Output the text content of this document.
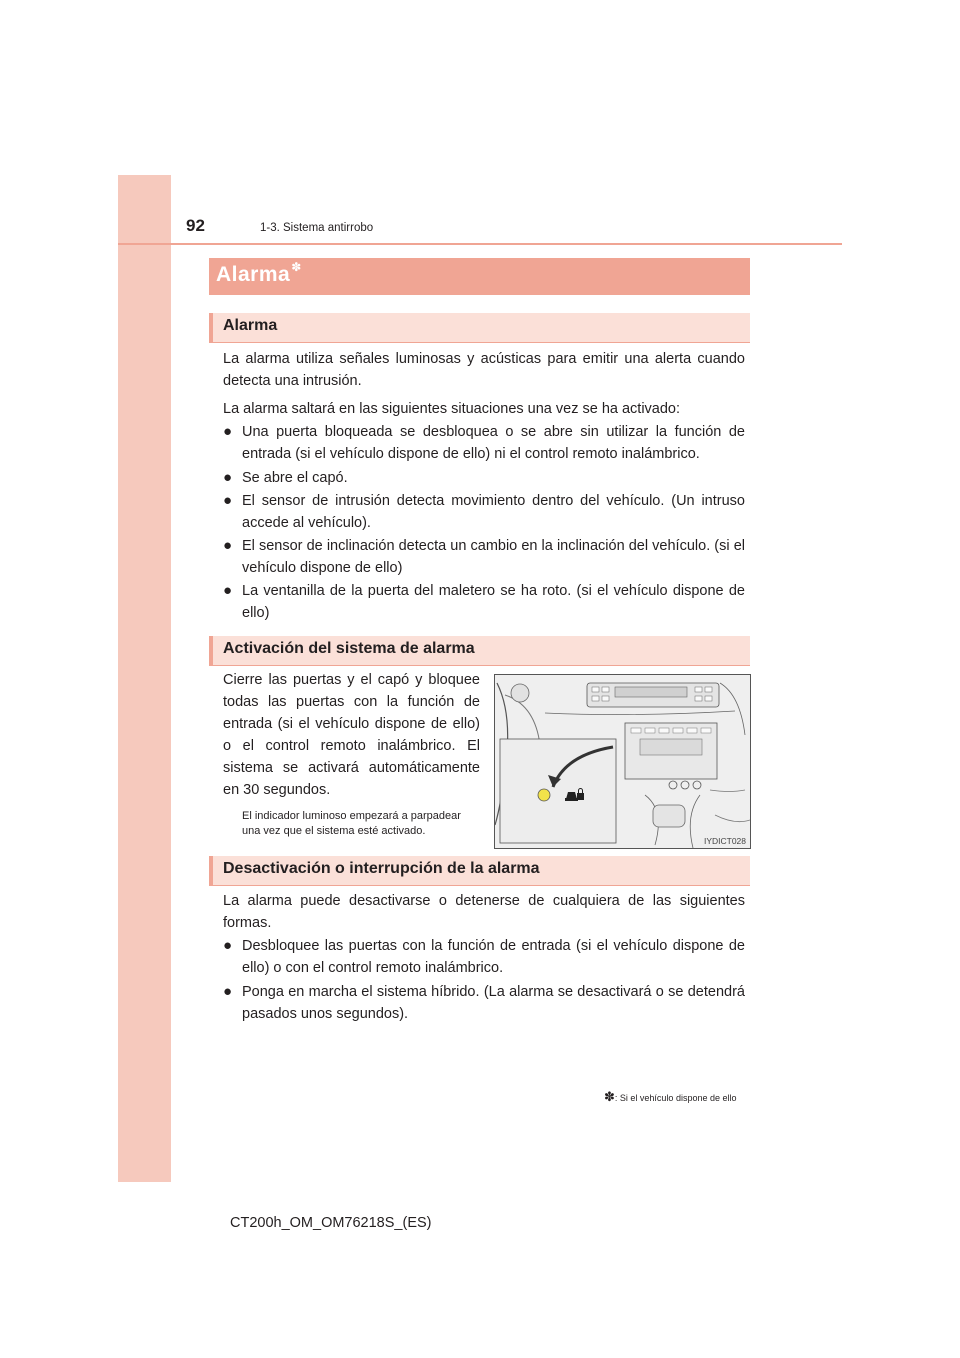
92	1-3. Sistema antirrobo
Alarma✽
Alarma
La alarma utiliza señales luminosas y acústicas para emitir una alerta cuando detecta una intrusión.
La alarma saltará en las siguientes situaciones una vez se ha activado:
● Una puerta bloqueada se desbloquea o se abre sin utilizar la función de entrada (si el vehículo dispone de ello) ni el control remoto inalámbrico.
● Se abre el capó.
● El sensor de intrusión detecta movimiento dentro del vehículo. (Un intruso accede al vehículo).
● El sensor de inclinación detecta un cambio en la inclinación del vehículo. (si el vehículo dispone de ello)
● La ventanilla de la puerta del maletero se ha roto. (si el vehículo dispone de ello)
Activación del sistema de alarma
Cierre las puertas y el capó y bloquee todas las puertas con la función de entrada (si el vehículo dispone de ello) o el control remoto inalámbrico. El sistema se activará automáticamente en 30 segundos.
El indicador luminoso empezará a parpadear una vez que el sistema esté activado.
IYDICT028
Desactivación o interrupción de la alarma
La alarma puede desactivarse o detenerse de cualquiera de las siguientes formas.
● Desbloquee las puertas con la función de entrada (si el vehículo dispone de ello) o con el control remoto inalámbrico.
● Ponga en marcha el sistema híbrido. (La alarma se desactivará o se detendrá pasados unos segundos).
✽: Si el vehículo dispone de ello
CT200h_OM_OM76218S_(ES)
